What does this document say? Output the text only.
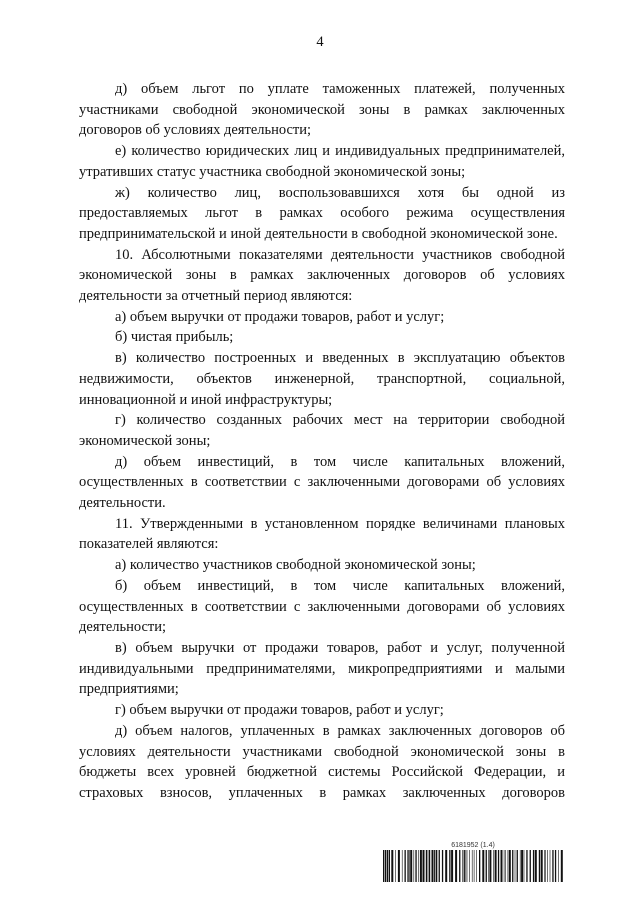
4

д) объем льгот по уплате таможенных платежей, полученных участниками свободной экономической зоны в рамках заключенных договоров об условиях деятельности;

е) количество юридических лиц и индивидуальных предпринимателей, утративших статус участника свободной экономической зоны;

ж) количество лиц, воспользовавшихся хотя бы одной из предоставляемых льгот в рамках особого режима осуществления предпринимательской и иной деятельности в свободной экономической зоне.

10. Абсолютными показателями деятельности участников свободной экономической зоны в рамках заключенных договоров об условиях деятельности за отчетный период являются:

а) объем выручки от продажи товаров, работ и услуг;

б) чистая прибыль;

в) количество построенных и введенных в эксплуатацию объектов недвижимости, объектов инженерной, транспортной, социальной, инновационной и иной инфраструктуры;

г) количество созданных рабочих мест на территории свободной экономической зоны;

д) объем инвестиций, в том числе капитальных вложений, осуществленных в соответствии с заключенными договорами об условиях деятельности.

11. Утвержденными в установленном порядке величинами плановых показателей являются:

а) количество участников свободной экономической зоны;

б) объем инвестиций, в том числе капитальных вложений, осуществленных в соответствии с заключенными договорами об условиях деятельности;

в) объем выручки от продажи товаров, работ и услуг, полученной индивидуальными предпринимателями, микропредприятиями и малыми предприятиями;

г) объем выручки от продажи товаров, работ и услуг;

д) объем налогов, уплаченных в рамках заключенных договоров об условиях деятельности участниками свободной экономической зоны в бюджеты всех уровней бюджетной системы Российской Федерации, и страховых взносов, уплаченных в рамках заключенных договоров

6181952 (1.4)
